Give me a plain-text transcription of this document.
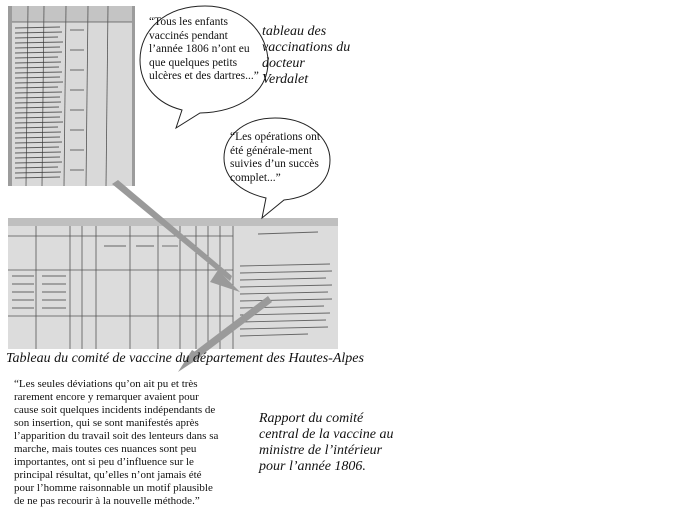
“Tous les enfants vaccinés pendant l’année 1806 n’ont eu que quelques petits ulcères et des dartres...”
“Les opérations ont été générale-ment suivies d’un succès complet...”
tableau des vaccinations du docteur Verdalet
Tableau du comité de vaccine du département des Hautes-Alpes
“Les seules déviations qu’on ait pu et très rarement encore y remarquer avaient pour cause soit quelques incidents indépendants de son insertion, qui se sont manifestés après l’apparition du travail soit des lenteurs dans sa marche, mais toutes ces nuances sont peu importantes, ont si peu d’influence sur le principal résultat, qu’elles n’ont jamais été pour l’homme raisonnable un motif plausible de ne pas recourir à la nouvelle méthode.”
Rapport du comité central de la vaccine au ministre de l’intérieur pour l’année 1806.
